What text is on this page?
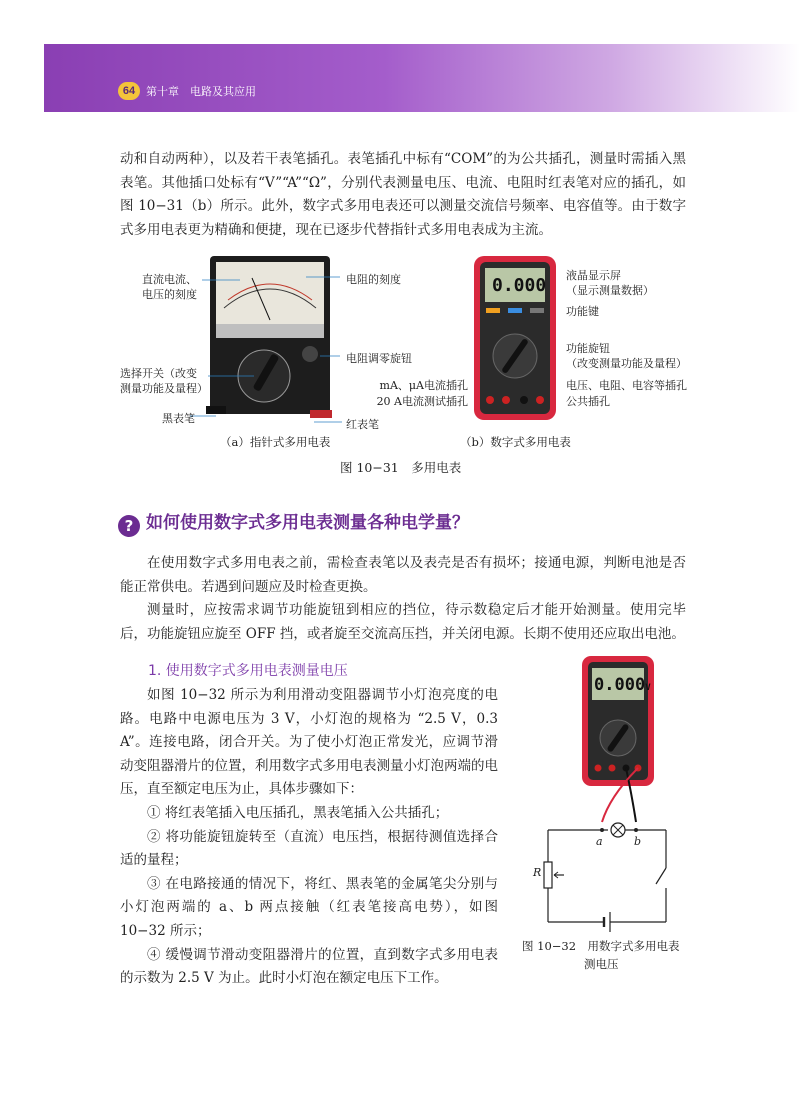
64 第十章　电路及其应用

动和自动两种），以及若干表笔插孔。表笔插孔中标有“COM”的为公共插孔，测量时需插入黑表笔。其他插口处标有“V”“A”“Ω”，分别代表测量电压、电流、电阻时红表笔对应的插孔，如图 10−31（b）所示。此外，数字式多用电表还可以测量交流信号频率、电容值等。由于数字式多用电表更为精确和便捷，现在已逐步代替指针式多用电表成为主流。

0.000
直流电流、
电压的刻度
电阻的刻度
选择开关（改变
测量功能及量程）
电阻调零旋钮
黑表笔	红表笔
液晶显示屏
（显示测量数据）
功能键
功能旋钮
（改变测量功能及量程）
mA、μA电流插孔
20 A电流测试插孔
电压、电阻、电容等插孔
公共插孔
（a）指针式多用电表	（b）数字式多用电表
图 10−31　多用电表
? 如何使用数字式多用电表测量各种电学量？

在使用数字式多用电表之前，需检查表笔以及表壳是否有损坏；接通电源，判断电池是否能正常供电。若遇到问题应及时检查更换。

测量时，应按需求调节功能旋钮到相应的挡位，待示数稳定后才能开始测量。使用完毕后，功能旋钮应旋至 OFF 挡，或者旋至交流高压挡，并关闭电源。长期不使用还应取出电池。

1. 使用数字式多用电表测量电压

如图 10−32 所示为利用滑动变阻器调节小灯泡亮度的电路。电路中电源电压为 3 V，小灯泡的规格为 “2.5 V，0.3 A”。连接电路，闭合开关。为了使小灯泡正常发光，应调节滑动变阻器滑片的位置，利用数字式多用电表测量小灯泡两端的电压，直至额定电压为止，具体步骤如下：

① 将红表笔插入电压插孔，黑表笔插入公共插孔；

② 将功能旋钮旋转至（直流）电压挡，根据待测值选择合适的量程；

③ 在电路接通的情况下，将红、黑表笔的金属笔尖分别与小灯泡两端的 a、b 两点接触（红表笔接高电势），如图 10−32 所示；

④ 缓慢调节滑动变阻器滑片的位置，直到数字式多用电表的示数为 2.5 V 为止。此时小灯泡在额定电压下工作。

0.000V
a	b
R
图 10−32　用数字式多用电表
测电压
